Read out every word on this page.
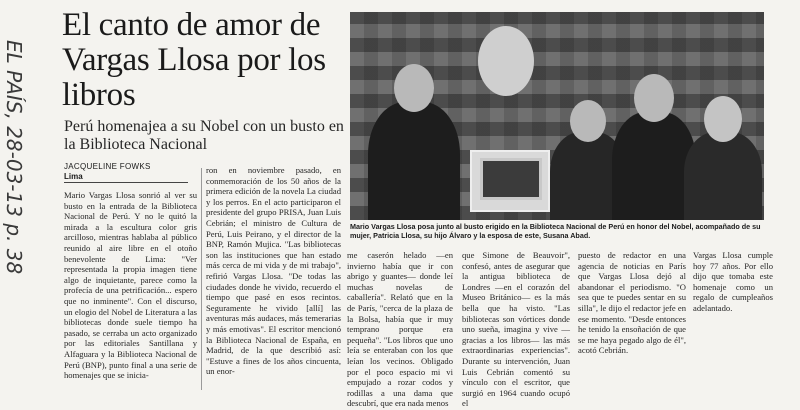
EL PAÍS, 28-03-13 p. 38
El canto de amor de Vargas Llosa por los libros

Perú homenajea a su Nobel con un busto en la Biblioteca Nacional

JACQUELINE FOWKS
Lima

Mario Vargas Llosa posa junto al busto erigido en la Biblioteca Nacional de Perú en honor del Nobel, acompañado de su mujer, Patricia Llosa, su hijo Álvaro y la esposa de este, Susana Abad.

Mario Vargas Llosa sonrió al ver su busto en la entrada de la Biblioteca Nacional de Perú. Y no le quitó la mirada a la escultura color gris arcilloso, mientras hablaba al público reunido al aire libre en el otoño benevolente de Lima: "Ver representada la propia imagen tiene algo de inquietante, parece como la profecía de una petrificación... espero que no inminente". Con el discurso, un elogio del Nobel de Literatura a las bibliotecas donde suele tiempo ha pasado, se cerraba un acto organizado por las editoriales Santillana y Alfaguara y la Biblioteca Nacional de Perú (BNP), punto final a una serie de homenajes que se inicia-

ron en noviembre pasado, en conmemoración de los 50 años de la primera edición de la novela La ciudad y los perros. En el acto participaron el presidente del grupo PRISA, Juan Luis Cebrián; el ministro de Cultura de Perú, Luis Peirano, y el director de la BNP, Ramón Mujica. "Las bibliotecas son las instituciones que han estado más cerca de mi vida y de mi trabajo", refirió Vargas Llosa. "De todas las ciudades donde he vivido, recuerdo el tiempo que pasé en esos recintos. Seguramente he vivido [allí] las aventuras más audaces, más temerarias y más emotivas". El escritor mencionó la Biblioteca Nacional de España, en Madrid, de la que describió así: "Estuve a fines de los años cincuenta, un enor-

me caserón helado —en invierno había que ir con abrigo y guantes— donde leí muchas novelas de caballería". Relató que en la de París, "cerca de la plaza de la Bolsa, había que ir muy temprano porque era pequeña". "Los libros que uno leía se enteraban con los que leían los vecinos. Obligado por el poco espacio mi vi empujado a rozar codos y rodillas a una dama que descubrí, que era nada menos

que Simone de Beauvoir", confesó, antes de asegurar que la antigua biblioteca de Londres —en el corazón del Museo Británico— es la más bella que ha visto. "Las bibliotecas son vórtices donde uno sueña, imagina y vive —gracias a los libros— las más extraordinarias experiencias". Durante su intervención, Juan Luis Cebrián comentó su vínculo con el escritor, que surgió en 1964 cuando ocupó el

puesto de redactor en una agencia de noticias en París que Vargas Llosa dejó al abandonar el periodismo. "O sea que te puedes sentar en su silla", le dijo el redactor jefe en ese momento. "Desde entonces he tenido la ensoñación de que se me haya pegado algo de él", acotó Cebrián.

Vargas Llosa cumple hoy 77 años. Por ello dijo que tomaba este homenaje como un regalo de cumpleaños adelantado.
